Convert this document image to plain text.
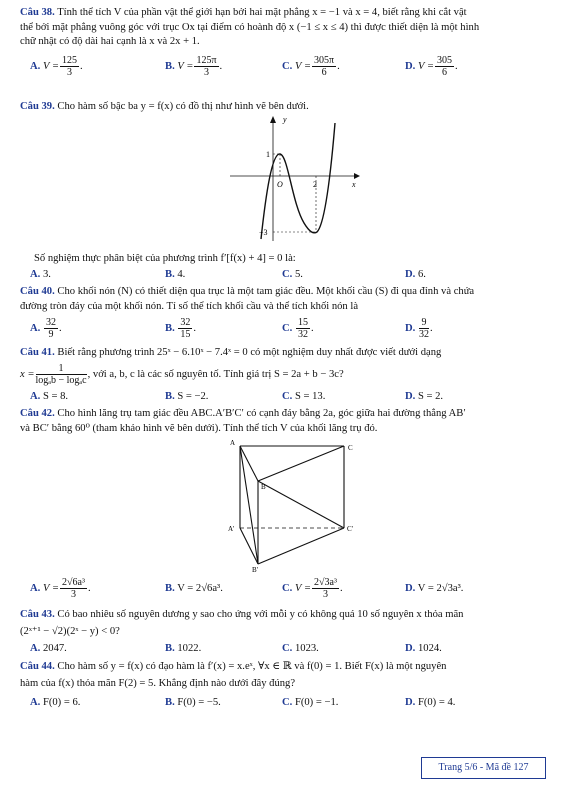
Câu 38. Tính thể tích V của phần vật thể giới hạn bởi hai mặt phẳng x = −1 và x = 4, biết rằng khi cắt vật
thể bởi mặt phẳng vuông góc với trục Ox tại điểm có hoành độ x (−1 ≤ x ≤ 4) thì được thiết diện là một hình
chữ nhật có độ dài hai cạnh là x và 2x + 1.
A. $V = \frac{125}{3}$ .	B. $V = \frac{125\pi}{3}$ .	C. $V = \frac{305\pi}{6}$ .	D. $V = \frac{305}{6}$ .
Câu 39. Cho hàm số bậc ba y = f(x) có đồ thị như hình vẽ bên dưới.
y
x
O
1
2
−3
Số nghiệm thực phân biệt của phương trình f′[f(x) + 4] = 0 là:
A. 3.	B. 4.	C. 5.	D. 6.
Câu 40. Cho khối nón (N) có thiết diện qua trục là một tam giác đều. Một khối cầu (S) đi qua đỉnh và chứa
đường tròn đáy của một khối nón. Tỉ số thể tích khối cầu và thể tích khối nón là
A. $\frac{32}{9}$ .	B. $\frac{32}{15}$ .	C. $\frac{15}{32}$ .	D. $\frac{9}{32}$ .
Câu 41. Biết rằng phương trình 25ˣ − 6.10ˣ − 7.4ˣ = 0 có một nghiệm duy nhất được viết dưới dạng
$x = \frac{1}{\text{logₐb − logₐc}}$ , với a, b, c là các số nguyên tố. Tính giá trị S = 2a + b − 3c?
A. S = 8.	B. S = −2.	C. S = 13.	D. S = 2.
Câu 42. Cho hình lăng trụ tam giác đều ABC.A′B′C′ có cạnh đáy bằng 2a, góc giữa hai đường thẳng AB′
và BC′ bằng 60⁰ (tham khảo hình vẽ bên dưới). Tính thể tích V của khối lăng trụ đó.
A
C
B
A'	C'
B'
A. $V = \frac{\text{2√6a³}}{3}$ .	B. V = 2√6a³.	C. $V = \frac{\text{2√3a³}}{3}$ .	D. V = 2√3a³.
Câu 43. Có bao nhiêu số nguyên dương y sao cho ứng với mỗi y có không quá 10 số nguyên x thỏa mãn
(2ˣ⁺¹ − √2)(2ˣ − y) < 0?
A. 2047.	B. 1022.	C. 1023.	D. 1024.
Câu 44. Cho hàm số y = f(x) có đạo hàm là f′(x) = x.eˣ, ∀x ∈ ℝ và f(0) = 1. Biết F(x) là một nguyên
hàm của f(x) thỏa mãn F(2) = 5. Khẳng định nào dưới đây đúng?
A. F(0) = 6.	B. F(0) = −5.	C. F(0) = −1.	D. F(0) = 4.
Trang 5/6 - Mã đề 127
